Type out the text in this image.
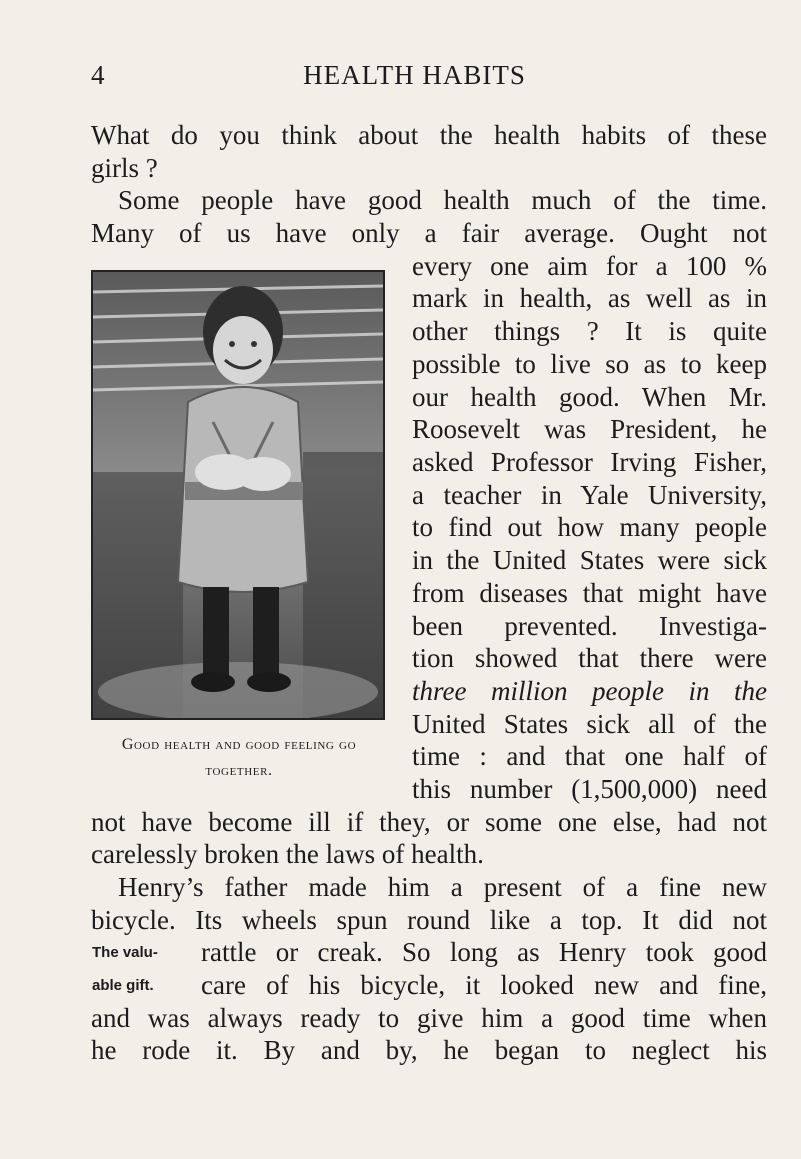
4	HEALTH HABITS
What do you think about the health habits of these
girls ?
Some people have good health much of the time.
Many of us have only a fair average. Ought not
every one aim for a 100 %
mark in health, as well as in
other things ? It is quite
possible to live so as to keep
our health good. When Mr.
Roosevelt was President, he
asked Professor Irving Fisher,
a teacher in Yale University,
to find out how many people
in the United States were sick
from diseases that might have
been prevented. Investiga-
tion showed that there were
three million people in the
United States sick all of the
time : and that one half of
this number (1,500,000) need
not have become ill if they, or some one else, had not
carelessly broken the laws of health.
Henry’s father made him a present of a fine new
bicycle. Its wheels spun round like a top. It did not
rattle or creak. So long as Henry took good
care of his bicycle, it looked new and fine,
and was always ready to give him a good time when
he rode it. By and by, he began to neglect his
The valu- able gift.
Good health and good feeling go together.
